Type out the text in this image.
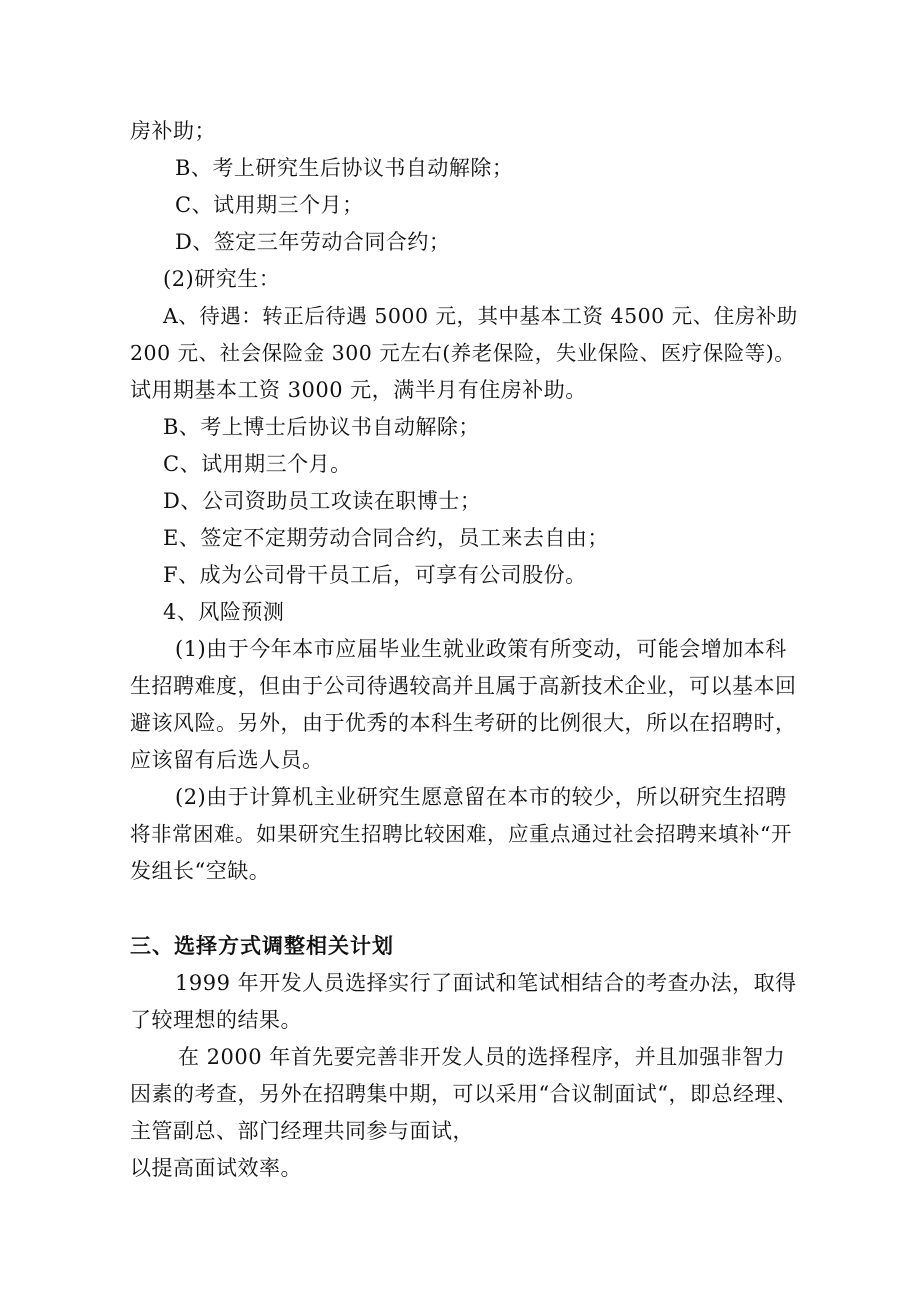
房补助；
B、考上研究生后协议书自动解除；
C、试用期三个月；
D、签定三年劳动合同合约；
(2)研究生：
A、待遇：转正后待遇 5000 元，其中基本工资 4500 元、住房补助
200 元、社会保险金 300 元左右(养老保险，失业保险、医疗保险等)。
试用期基本工资 3000 元，满半月有住房补助。
B、考上博士后协议书自动解除；
C、试用期三个月。
D、公司资助员工攻读在职博士；
E、签定不定期劳动合同合约，员工来去自由；
F、成为公司骨干员工后，可享有公司股份。
4、风险预测
(1)由于今年本市应届毕业生就业政策有所变动，可能会增加本科
生招聘难度，但由于公司待遇较高并且属于高新技术企业，可以基本回
避该风险。另外，由于优秀的本科生考研的比例很大，所以在招聘时，
应该留有后选人员。
(2)由于计算机主业研究生愿意留在本市的较少，所以研究生招聘
将非常困难。如果研究生招聘比较困难，应重点通过社会招聘来填补“开
发组长“空缺。
三、选择方式调整相关计划
1999 年开发人员选择实行了面试和笔试相结合的考查办法，取得
了较理想的结果。
在 2000 年首先要完善非开发人员的选择程序，并且加强非智力
因素的考查，另外在招聘集中期，可以采用“合议制面试“，即总经理、
主管副总、部门经理共同参与面试，
以提高面试效率。
